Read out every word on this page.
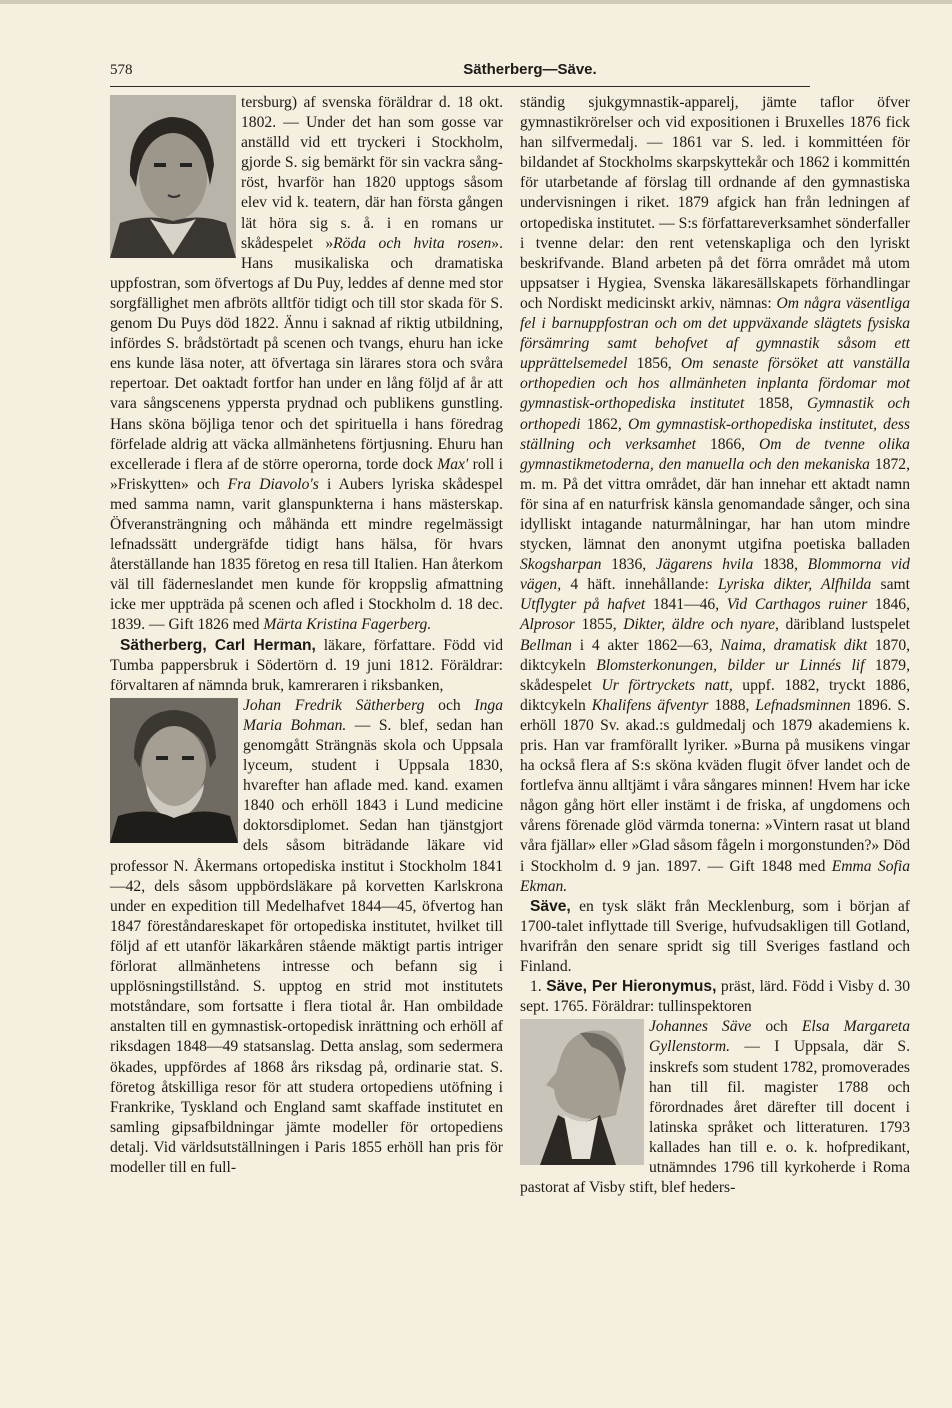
578	Sätherberg—Säve.

tersburg) af svenska föräldrar d. 18 okt. 1802. — Under det han som gosse var anställd vid ett tryckeri i Stockholm, gjorde S. sig bemärkt för sin vackra sång-röst, hvarför han 1820 upptogs såsom elev vid k. teatern, där han första gången lät höra sig s. å. i en romans ur skådespelet »Röda och hvita rosen». Hans musikaliska och dramatiska uppfostran, som öfvertogs af Du Puy, leddes af denne med stor sorgfällighet men afbröts alltför tidigt och till stor skada för S. genom Du Puys död 1822. Ännu i saknad af riktig utbildning, infördes S. brådstörtadt på scenen och tvangs, ehuru han icke ens kunde läsa noter, att öfvertaga sin lärares stora och svåra repertoar. Det oaktadt fortfor han under en lång följd af år att vara sångscenens yppersta prydnad och publikens gunstling. Hans sköna böjliga tenor och det spirituella i hans föredrag förfelade aldrig att väcka allmänhetens förtjusning. Ehuru han excellerade i flera af de större operorna, torde dock Max' roll i »Friskytten» och Fra Diavolo's i Aubers lyriska skådespel med samma namn, varit glanspunkterna i hans mästerskap. Öfveransträngning och måhända ett mindre regelmässigt lefnadssätt undergräfde tidigt hans hälsa, för hvars återställande han 1835 företog en resa till Italien. Han återkom väl till fäderneslandet men kunde för kroppslig afmattning icke mer uppträda på scenen och afled i Stockholm d. 18 dec. 1839. — Gift 1826 med Märta Kristina Fagerberg.

Sätherberg, Carl Herman, läkare, författare. Född vid Tumba pappersbruk i Södertörn d. 19 juni 1812. Föräldrar: förvaltaren af nämnda bruk, kamreraren i riksbanken,

Johan Fredrik Sätherberg och Inga Maria Bohman. — S. blef, sedan han genomgått Strängnäs skola och Uppsala lyceum, student i Uppsala 1830, hvarefter han aflade med. kand. examen 1840 och erhöll 1843 i Lund medicine doktorsdiplomet. Sedan han tjänstgjort dels såsom biträdande läkare vid professor N. Åkermans ortopediska institut i Stockholm 1841 —42, dels såsom uppbördsläkare på korvetten Karlskrona under en expedition till Medelhafvet 1844—45, öfvertog han 1847 föreståndareskapet för ortopediska institutet, hvilket till följd af ett utanför läkarkåren stående mäktigt partis intriger förlorat allmänhetens intresse och befann sig i upplösningstillstånd. S. upptog en strid mot institutets motståndare, som fortsatte i flera tiotal år. Han ombildade anstalten till en gymnastisk-ortopedisk inrättning och erhöll af riksdagen 1848—49 statsanslag. Detta anslag, som sedermera ökades, uppfördes af 1868 års riksdag på, ordinarie stat. S. företog åtskilliga resor för att studera ortopediens utöfning i Frankrike, Tyskland och England samt skaffade institutet en samling gipsafbildningar jämte modeller för ortopediens detalj. Vid världsutställningen i Paris 1855 erhöll han pris för modeller till en full-

ständig sjukgymnastik-apparelj, jämte taflor öfver gymnastikrörelser och vid expositionen i Bruxelles 1876 fick han silfvermedalj. — 1861 var S. led. i kommittéen för bildandet af Stockholms skarpskyttekår och 1862 i kommittén för utarbetande af förslag till ordnande af den gymnastiska undervisningen i riket. 1879 afgick han från ledningen af ortopediska institutet. — S:s författareverksamhet sönderfaller i tvenne delar: den rent vetenskapliga och den lyriskt beskrifvande. Bland arbeten på det förra området må utom uppsatser i Hygiea, Svenska läkaresällskapets förhandlingar och Nordiskt medicinskt arkiv, nämnas: Om några väsentliga fel i barnuppfostran och om det uppväxande slägtets fysiska försämring samt behofvet af gymnastik såsom ett upprättelsemedel 1856, Om senaste försöket att vanställa orthopedien och hos allmänheten inplanta fördomar mot gymnastisk-orthopediska institutet 1858, Gymnastik och orthopedi 1862, Om gymnastisk-orthopediska institutet, dess ställning och verksamhet 1866, Om de tvenne olika gymnastikmetoderna, den manuella och den mekaniska 1872, m. m. På det vittra området, där han innehar ett aktadt namn för sina af en naturfrisk känsla genomandade sånger, och sina idylliskt intagande naturmålningar, har han utom mindre stycken, lämnat den anonymt utgifna poetiska balladen Skogsharpan 1836, Jägarens hvila 1838, Blommorna vid vägen, 4 häft. innehållande: Lyriska dikter, Alfhilda samt Utflygter på hafvet 1841—46, Vid Carthagos ruiner 1846, Alprosor 1855, Dikter, äldre och nyare, däribland lustspelet Bellman i 4 akter 1862—63, Naima, dramatisk dikt 1870, diktcykeln Blomsterkonungen, bilder ur Linnés lif 1879, skådespelet Ur förtryckets natt, uppf. 1882, tryckt 1886, diktcykeln Khalifens äfventyr 1888, Lefnadsminnen 1896. S. erhöll 1870 Sv. akad.:s guldmedalj och 1879 akademiens k. pris. Han var framförallt lyriker. »Burna på musikens vingar ha också flera af S:s sköna kväden flugit öfver landet och de fortlefva ännu alltjämt i våra sångares minnen! Hvem har icke någon gång hört eller instämt i de friska, af ungdomens och vårens förenade glöd värmda tonerna: »Vintern rasat ut bland våra fjällar» eller »Glad såsom fågeln i morgonstunden?» Död i Stockholm d. 9 jan. 1897. — Gift 1848 med Emma Sofia Ekman.

Säve, en tysk släkt från Mecklenburg, som i början af 1700-talet inflyttade till Sverige, hufvudsakligen till Gotland, hvarifrån den senare spridt sig till Sveriges fastland och Finland.

1. Säve, Per Hieronymus, präst, lärd. Född i Visby d. 30 sept. 1765. Föräldrar: tullinspektoren

Johannes Säve och Elsa Margareta Gyllenstorm. — I Uppsala, där S. inskrefs som student 1782, promoverades han till fil. magister 1788 och förordnades året därefter till docent i latinska språket och litteraturen. 1793 kallades han till e. o. k. hofpredikant, utnämndes 1796 till kyrkoherde i Roma pastorat af Visby stift, blef heders-
